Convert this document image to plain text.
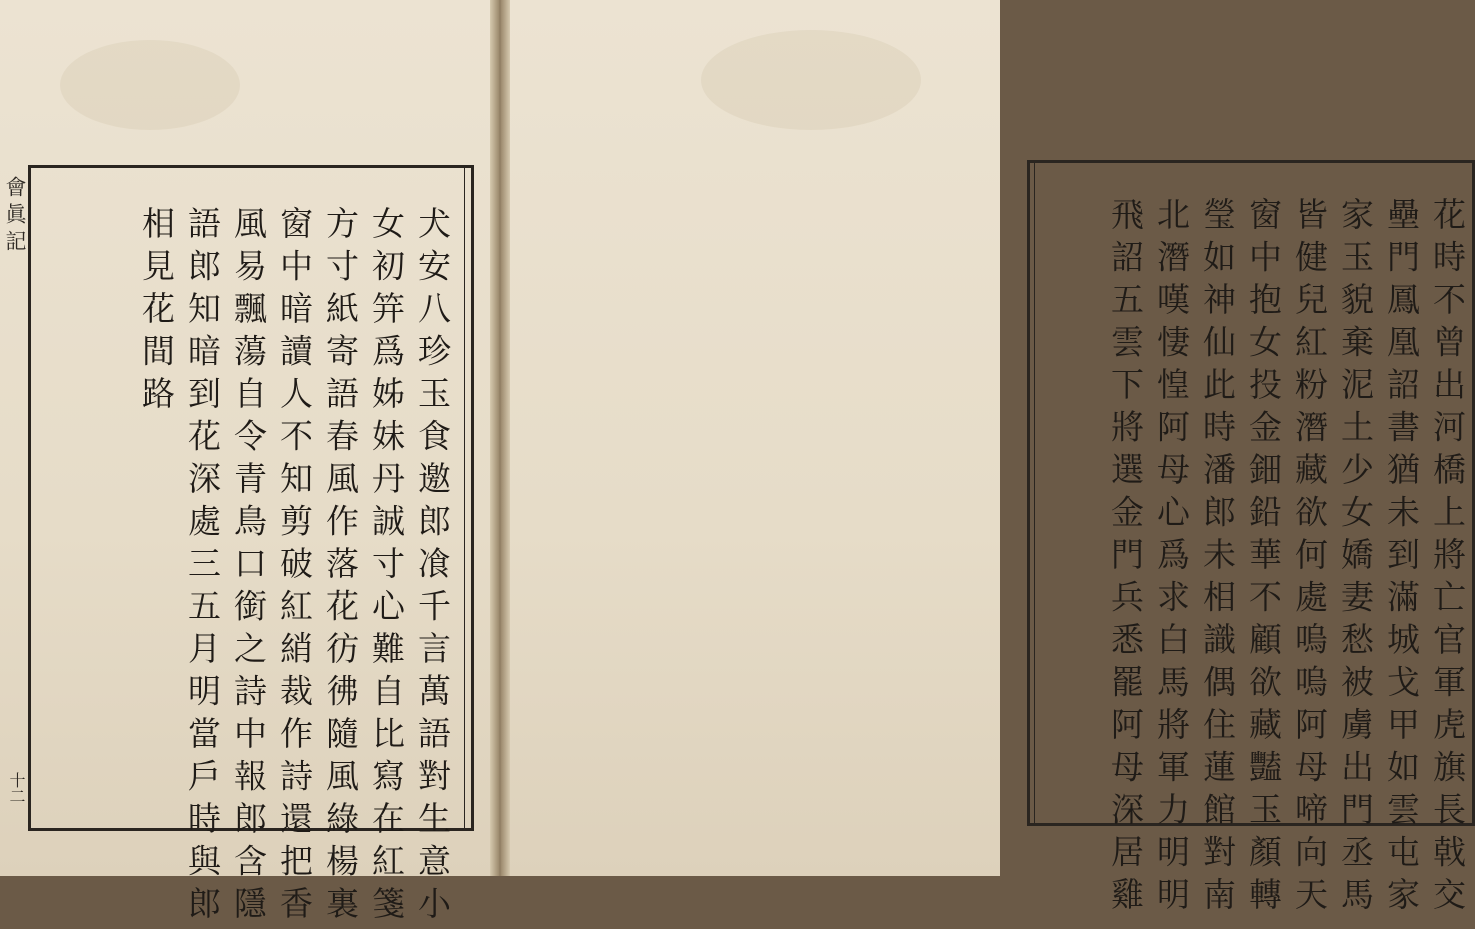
會眞記
十二	犬安八珍玉食邀郎飡千言萬語對生意小
女初笄爲姊妹丹誠寸心難自比寫在紅箋
方寸紙寄語春風作落花彷彿隨風綠楊裏
窗中暗讀人不知剪破紅綃裁作詩還把香
風易飄蕩自令青鳥口銜之詩中報郎含隱
語郎知暗到花深處三五月明當戶時與郎
相見花間路	花時不曾出河橋上將亡官軍虎旗長戟交
壘門鳳凰詔書猶未到滿城戈甲如雲屯家
家玉貌棄泥土少女嬌妻愁被虜出門丞馬
皆健兒紅粉潛藏欲何處嗚嗚阿母啼向天
窗中抱女投金鈿鉛華不顧欲藏豔玉顏轉
瑩如神仙此時潘郎未相識偶住蓮館對南
北潛嘆悽惶阿母心爲求白馬將軍力明明
飛詔五雲下將選金門兵悉罷阿母深居雞
